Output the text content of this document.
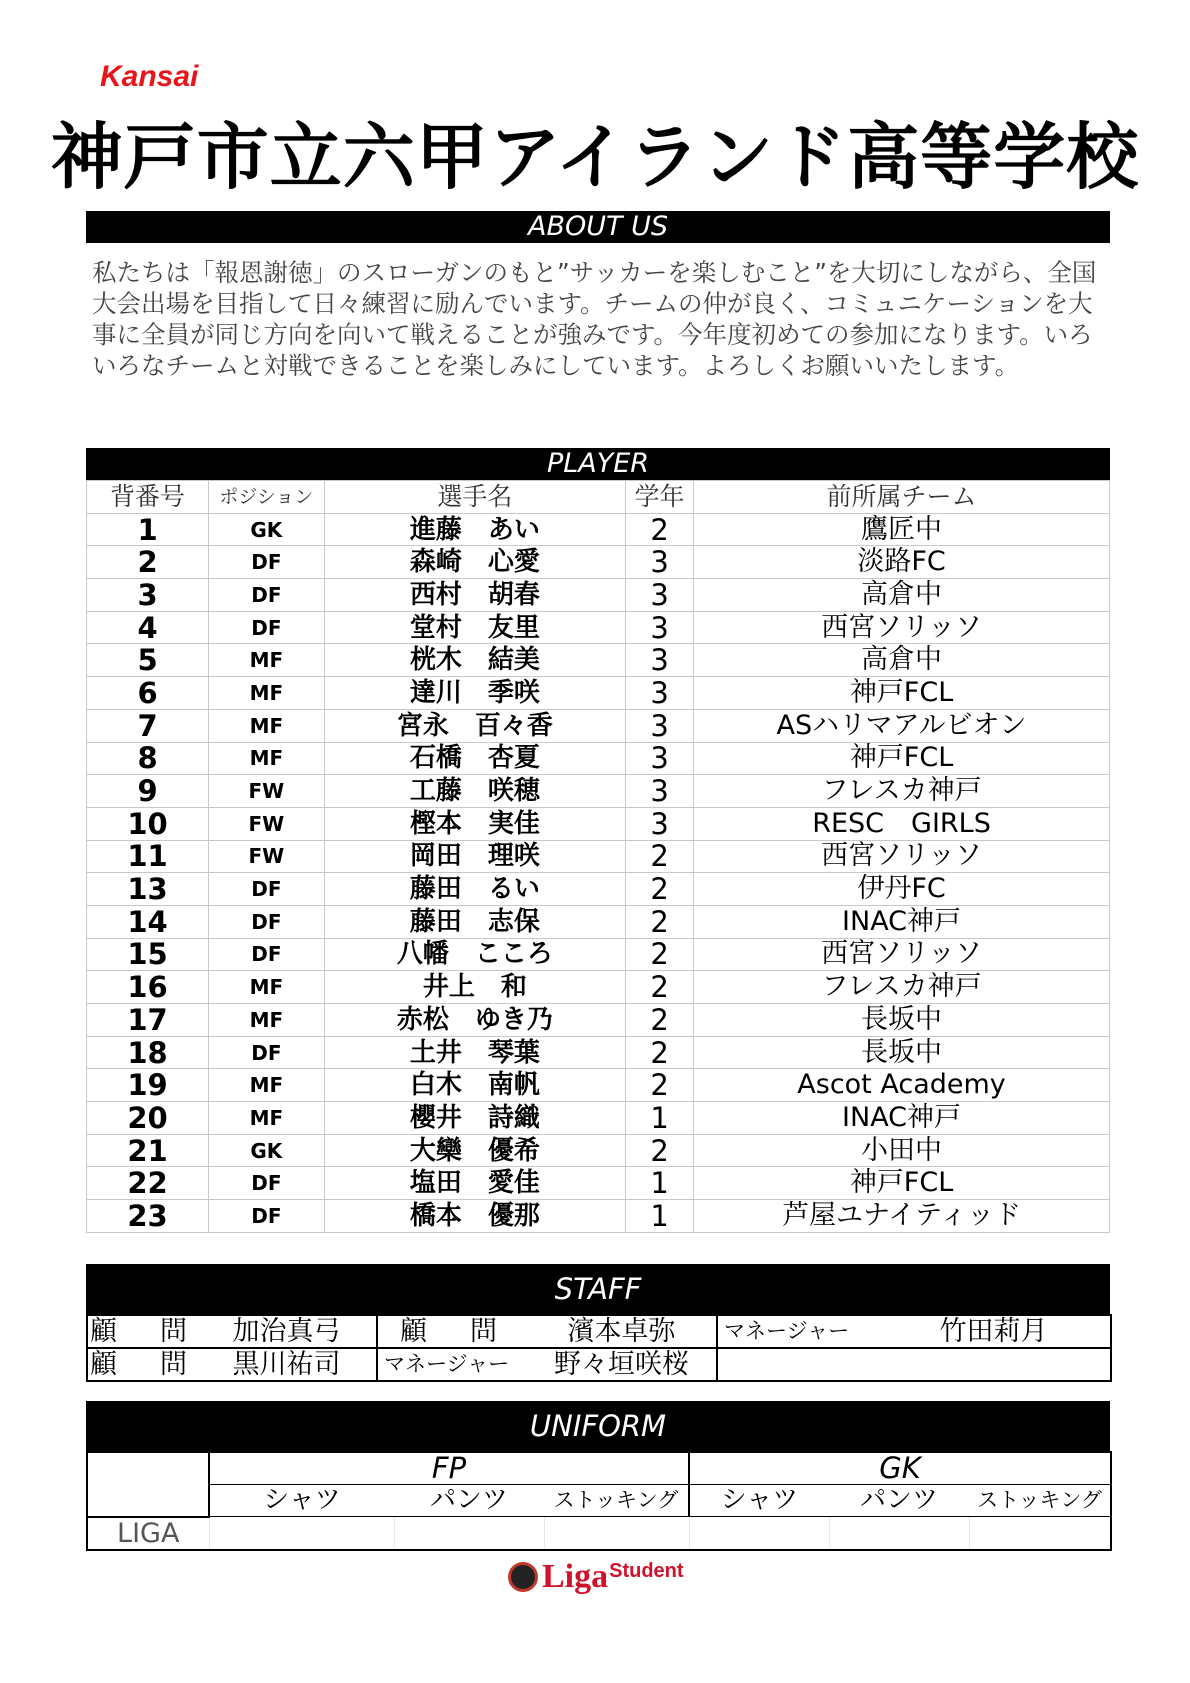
Kansai
神戸市立六甲アイランド高等学校
ABOUT US
私たちは「報恩謝徳」のスローガンのもと”サッカーを楽しむこと”を大切にしながら、全国大会出場を目指して日々練習に励んでいます。チームの仲が良く、コミュニケーションを大事に全員が同じ方向を向いて戦えることが強みです。今年度初めての参加になります。いろいろなチームと対戦できることを楽しみにしています。よろしくお願いいたします。
PLAYER
背番号	ポジション	選手名	学年	前所属チーム
1	GK	進藤　あい	2	鷹匠中
2	DF	森崎　心愛	3	淡路FC
3	DF	西村　胡春	3	高倉中
4	DF	堂村　友里	3	西宮ソリッソ
5	MF	桄木　結美	3	高倉中
6	MF	達川　季咲	3	神戸FCL
7	MF	宮永　百々香	3	ASハリマアルビオン
8	MF	石橋　杏夏	3	神戸FCL
9	FW	工藤　咲穂	3	フレスカ神戸
10	FW	樫本　実佳	3	RESC　GIRLS
11	FW	岡田　理咲	2	西宮ソリッソ
13	DF	藤田　るい	2	伊丹FC
14	DF	藤田　志保	2	INAC神戸
15	DF	八幡　こころ	2	西宮ソリッソ
16	MF	井上　和	2	フレスカ神戸
17	MF	赤松　ゆき乃	2	長坂中
18	DF	土井　琴葉	2	長坂中
19	MF	白木　南帆	2	Ascot Academy
20	MF	櫻井　詩織	1	INAC神戸
21	GK	大欒　優希	2	小田中
22	DF	塩田　愛佳	1	神戸FCL
23	DF	橋本　優那	1	芦屋ユナイティッド
STAFF
顧　問	加治真弓	顧　問	濱本卓弥	マネージャー	竹田莉月
顧　問	黒川祐司	マネージャー	野々垣咲桜		
UNIFORM
	FP			GK		
	シャツ	パンツ	ストッキング	シャツ	パンツ	ストッキング
LIGA						
Liga Student
